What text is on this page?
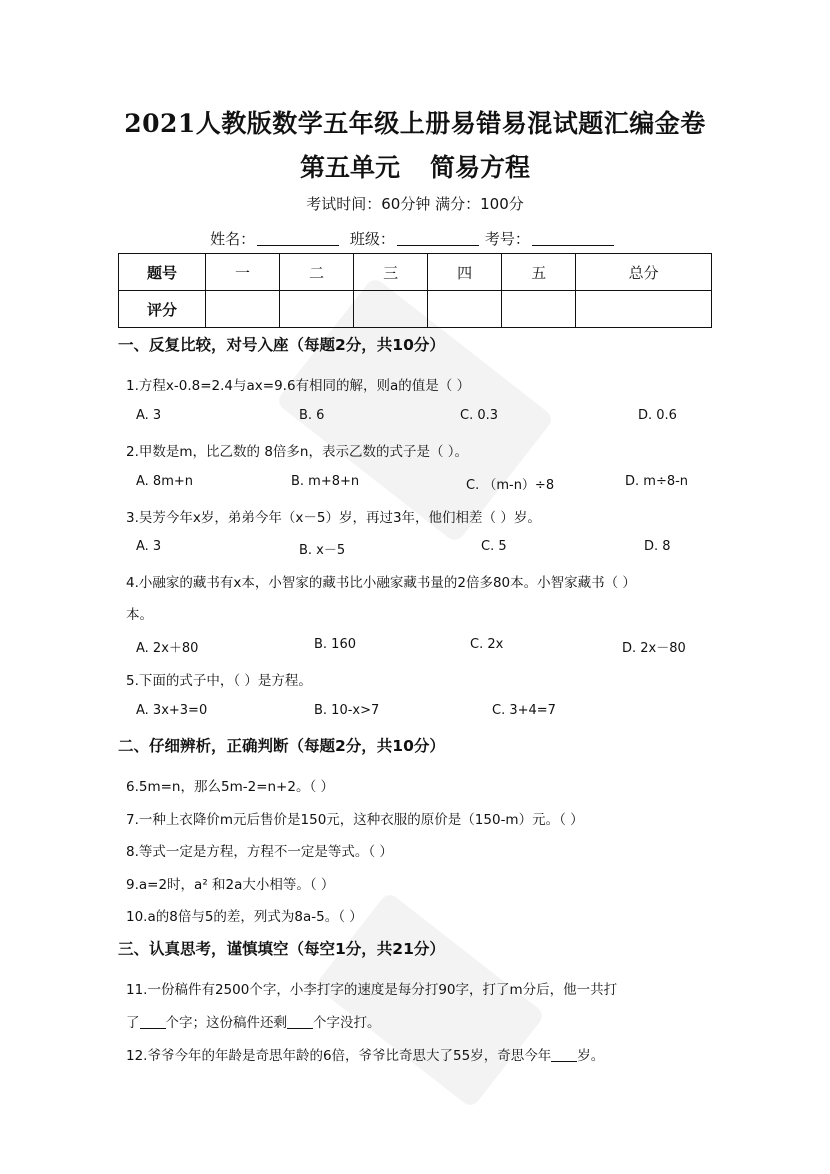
2021人教版数学五年级上册易错易混试题汇编金卷
第五单元 简易方程
考试时间：60分钟 满分：100分
姓名：	班级：	考号：
题号	一	二	三	四	五	总分
评分						
一、反复比较，对号入座（每题2分，共10分）
1.方程x-0.8=2.4与ax=9.6有相同的解，则a的值是（ ）
A. 3	B. 6	C. 0.3	D. 0.6
2.甲数是m，比乙数的 8倍多n，表示乙数的式子是（ ）。
A. 8m+n	B. m+8+n	C. （m-n）÷8	D. m÷8-n
3.吴芳今年x岁，弟弟今年（x－5）岁，再过3年，他们相差（ ）岁。
A. 3	B. x－5	C. 5	D. 8
4.小融家的藏书有x本，小智家的藏书比小融家藏书量的2倍多80本。小智家藏书（ ）
本。
A. 2x＋80	B. 160	C. 2x	D. 2x－80
5.下面的式子中，（ ）是方程。
A. 3x+3=0	B. 10-x>7	C. 3+4=7
二、仔细辨析，正确判断（每题2分，共10分）
6.5m=n，那么5m-2=n+2。（ ）
7.一种上衣降价m元后售价是150元，这种衣服的原价是（150-m）元。（ ）
8.等式一定是方程，方程不一定是等式。（ ）
9.a=2时，a² 和2a大小相等。（ ）
10.a的8倍与5的差，列式为8a-5。（ ）
三、认真思考，谨慎填空（每空1分，共21分）
11.一份稿件有2500个字，小李打字的速度是每分打90字，打了m分后，他一共打
了 个字；这份稿件还剩 个字没打。
12.爷爷今年的年龄是奇思年龄的6倍，爷爷比奇思大了55岁，奇思今年 岁。
